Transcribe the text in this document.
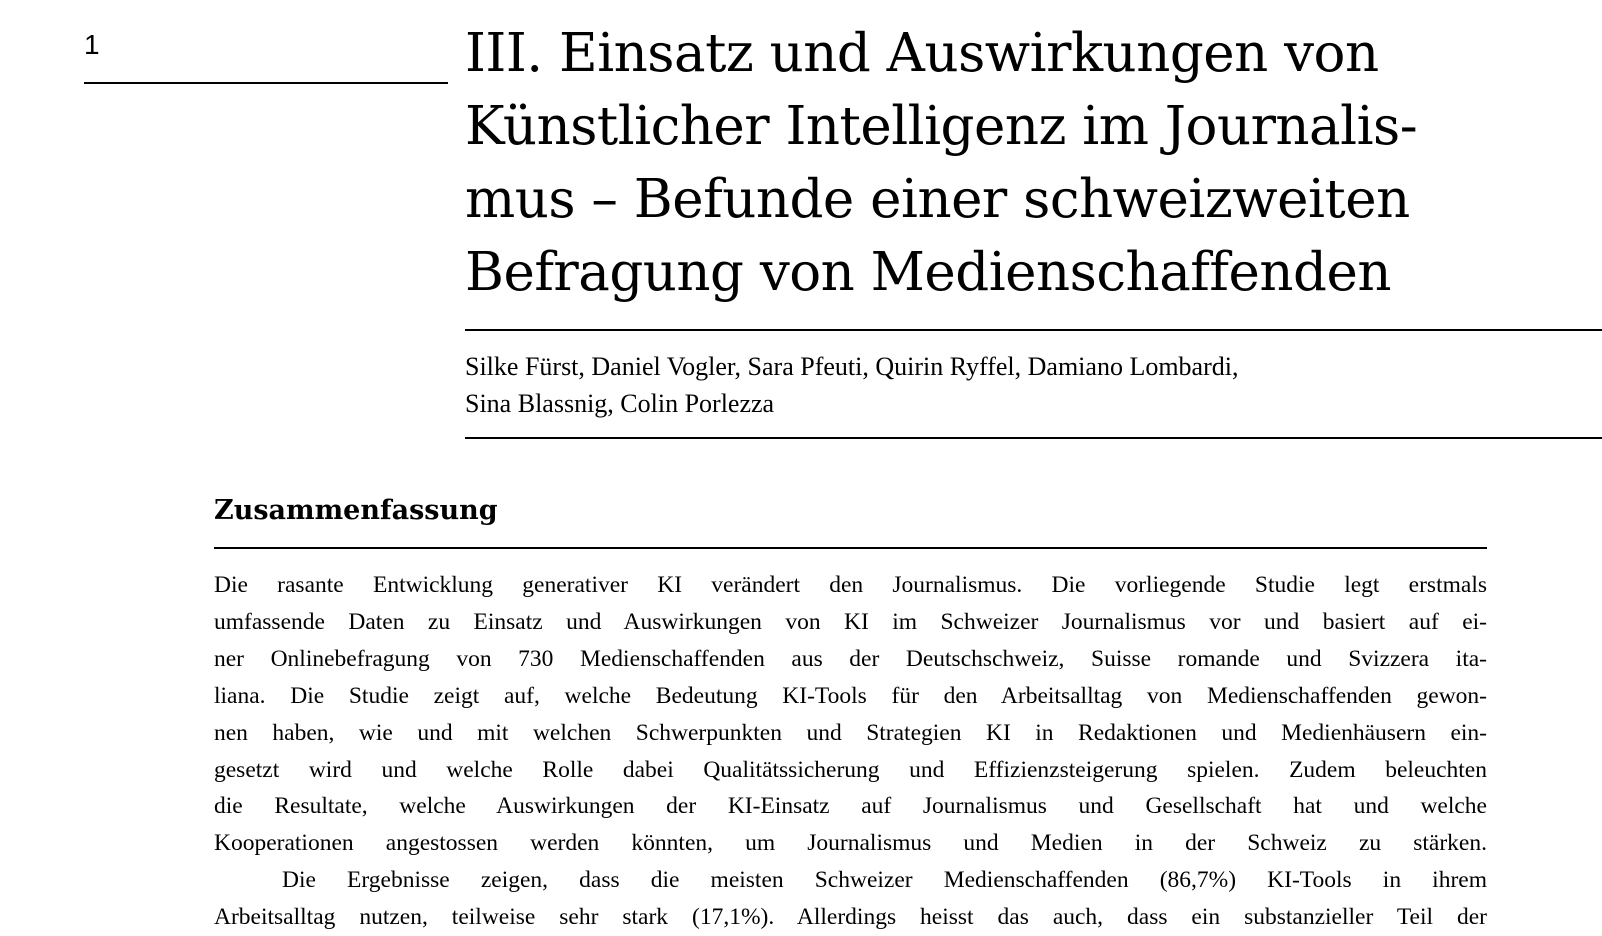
1	III. Einsatz und Auswirkungen von
Künstlicher Intelligenz im Journalis-
mus – Befunde einer schweizweiten
Befragung von Medienschaffenden
Silke Fürst, Daniel Vogler, Sara Pfeuti, Quirin Ryffel, Damiano Lombardi,
Sina Blassnig, Colin Porlezza
Zusammenfassung
Die rasante Entwicklung generativer KI verändert den Journalismus. Die vorliegende Studie legt erstmals
umfassende Daten zu Einsatz und Auswirkungen von KI im Schweizer Journalismus vor und basiert auf ei-
ner Onlinebefragung von 730 Medienschaffenden aus der Deutschschweiz, Suisse romande und Svizzera ita-
liana. Die Studie zeigt auf, welche Bedeutung KI-Tools für den Arbeitsalltag von Medienschaffenden gewon-
nen haben, wie und mit welchen Schwerpunkten und Strategien KI in Redaktionen und Medienhäusern ein-
gesetzt wird und welche Rolle dabei Qualitätssicherung und Effizienzsteigerung spielen. Zudem beleuchten
die Resultate, welche Auswirkungen der KI-Einsatz auf Journalismus und Gesellschaft hat und welche
Kooperationen angestossen werden könnten, um Journalismus und Medien in der Schweiz zu stärken.
Die Ergebnisse zeigen, dass die meisten Schweizer Medienschaffenden (86,7%) KI-Tools in ihrem
Arbeitsalltag nutzen, teilweise sehr stark (17,1%). Allerdings heisst das auch, dass ein substanzieller Teil der
